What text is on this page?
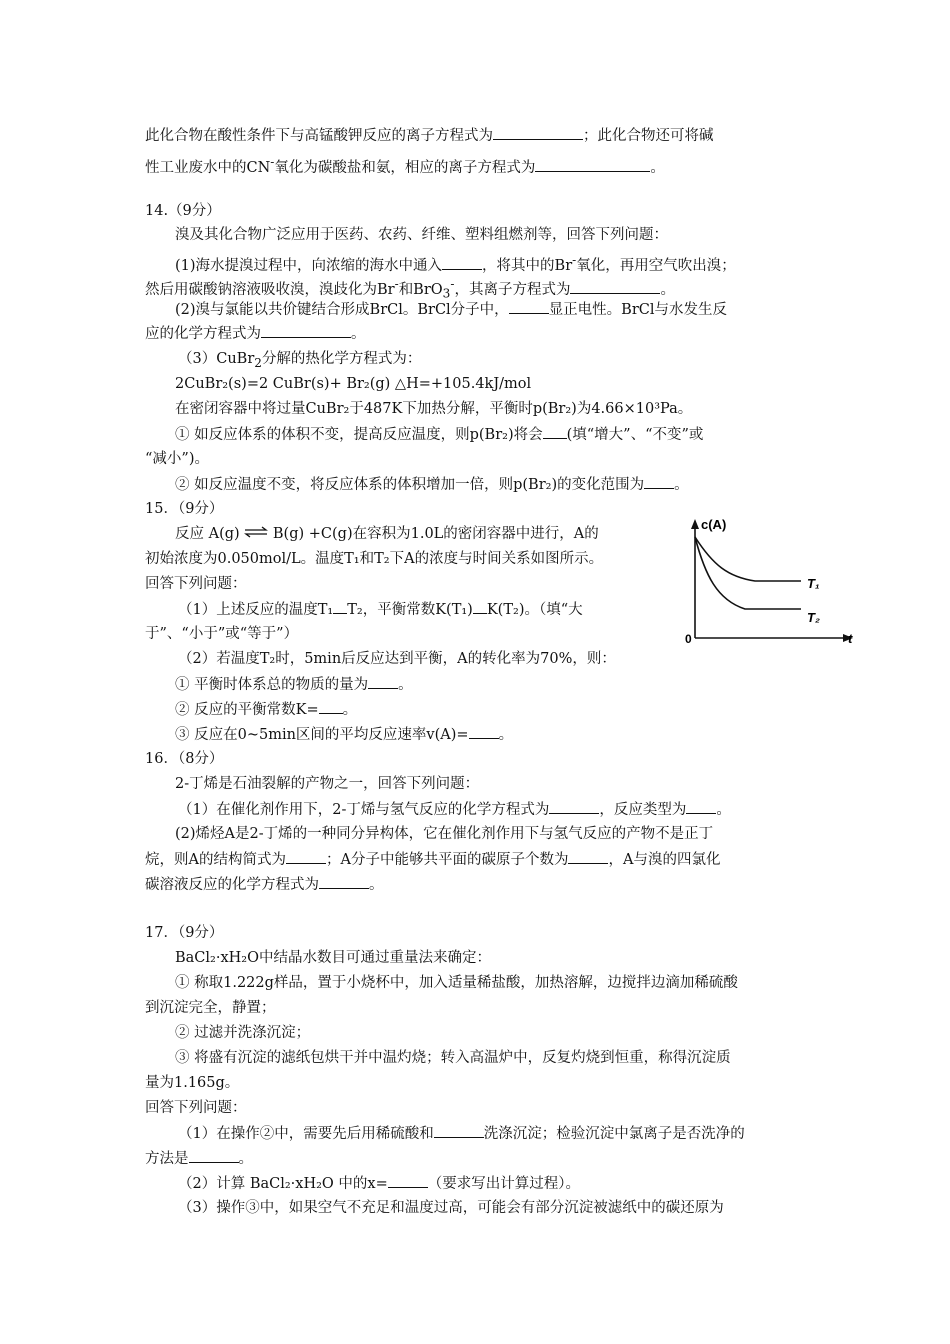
此化合物在酸性条件下与高锰酸钾反应的离子方程式为	；此化合物还可将碱
性工业废水中的CN-氧化为碳酸盐和氨，相应的离子方程式为	。
14.（9分）
溴及其化合物广泛应用于医药、农药、纤维、塑料组燃剂等，回答下列问题：
(1)海水提溴过程中，向浓缩的海水中通入	，将其中的Br-氧化，再用空气吹出溴；
然后用碳酸钠溶液吸收溴，溴歧化为Br-和BrO$_3$-，其离子方程式为	。
(2)溴与氯能以共价键结合形成BrCl。BrCl分子中，	显正电性。BrCl与水发生反
应的化学方程式为	。
（3）CuBr$_2$分解的热化学方程式为：
2CuBr₂(s)=2 CuBr(s)+ Br₂(g) △H=+105.4kJ/mol
在密闭容器中将过量CuBr₂于487K下加热分解，平衡时p(Br₂)为4.66×10³Pa。
① 如反应体系的体积不变，提高反应温度，则p(Br₂)将会 (填“增大”、“不变”或
“减小”)。
② 如反应温度不变，将反应体系的体积增加一倍，则p(Br₂)的变化范围为 。
15．（9分）
反应 A(g) ⇌ B(g) +C(g)在容积为1.0L的密闭容器中进行，A的
初始浓度为0.050mol/L。温度T₁和T₂下A的浓度与时间关系如图所示。
回答下列问题：
（1）上述反应的温度T₁ T₂，平衡常数K(T₁) K(T₂)。（填“大
于”、“小于”或“等于”）
（2）若温度T₂时，5min后反应达到平衡，A的转化率为70%，则：
① 平衡时体系总的物质的量为 。
② 反应的平衡常数K= 。
③ 反应在0~5min区间的平均反应速率v(A)= 。
16．（8分）
2-丁烯是石油裂解的产物之一，回答下列问题：
（1）在催化剂作用下，2-丁烯与氢气反应的化学方程式为	，反应类型为 。
(2)烯烃A是2-丁烯的一种同分异构体，它在催化剂作用下与氢气反应的产物不是正丁
烷，则A的结构简式为	；A分子中能够共平面的碳原子个数为	，A与溴的四氯化
碳溶液反应的化学方程式为	。
17．（9分）
BaCl₂·xH₂O中结晶水数目可通过重量法来确定：
① 称取1.222g样品，置于小烧杯中，加入适量稀盐酸，加热溶解，边搅拌边滴加稀硫酸
到沉淀完全，静置；
② 过滤并洗涤沉淀；
③ 将盛有沉淀的滤纸包烘干并中温灼烧；转入高温炉中，反复灼烧到恒重，称得沉淀质
量为1.165g。
回答下列问题：
（1）在操作②中，需要先后用稀硫酸和	洗涤沉淀；检验沉淀中氯离子是否洗净的
方法是	。
（2）计算 BaCl₂·xH₂O 中的x=	（要求写出计算过程）。
（3）操作③中，如果空气不充足和温度过高，可能会有部分沉淀被滤纸中的碳还原为
c(A)
t
0
T₁
T₂
